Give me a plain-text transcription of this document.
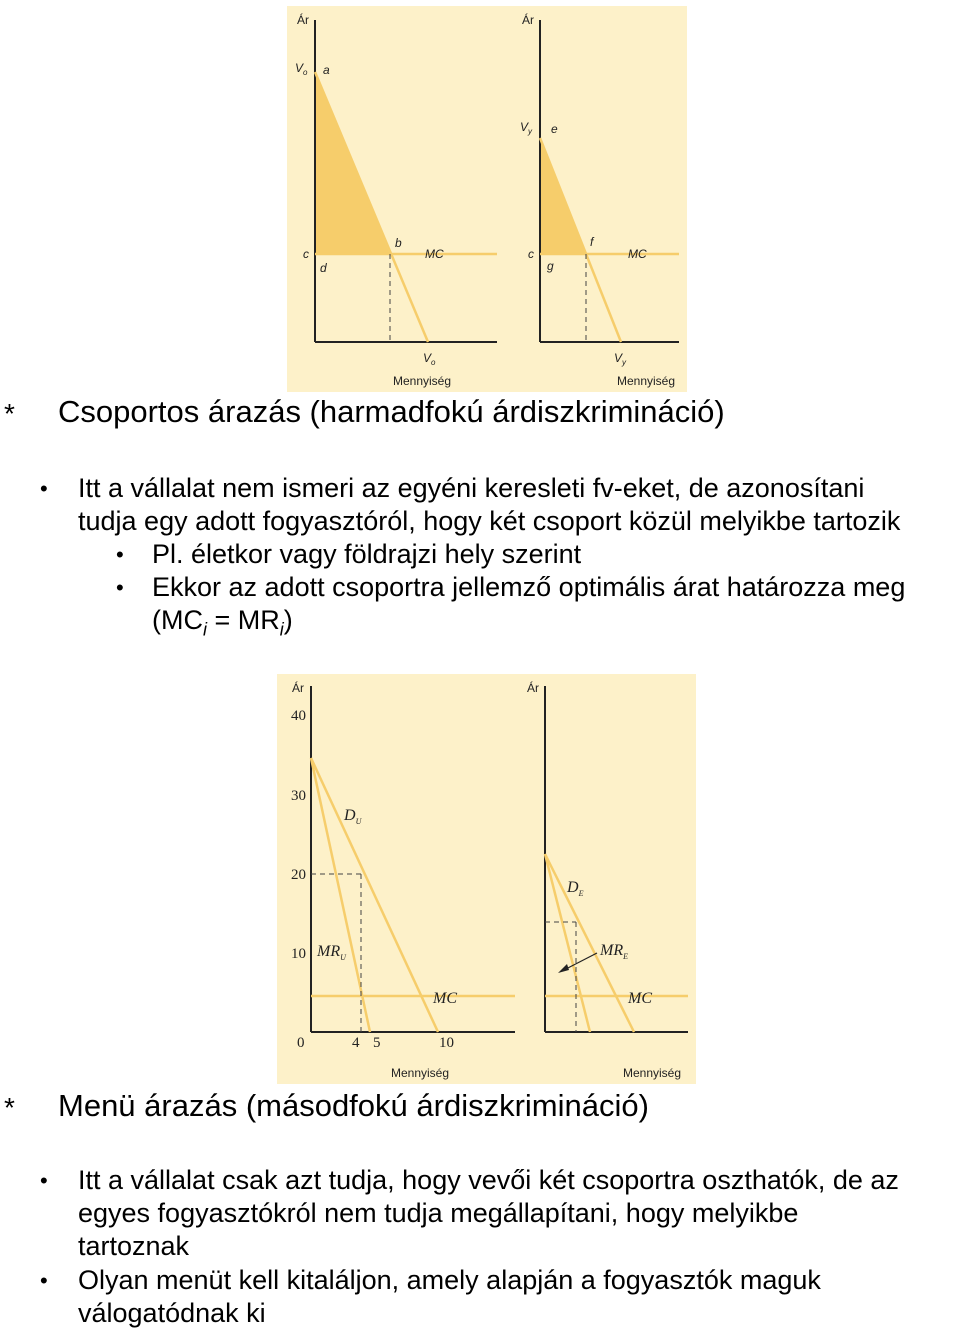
Ár
$V_o$ a
b
c
d
MC
$V_o$
Mennyiség
Ár
$V_y$ e
f
c
g
MC
$V_y$
Mennyiség
* Csoportos árazás (harmadfokú árdiszkrimináció)
• Itt a vállalat nem ismeri az egyéni keresleti fv-eket, de azonosítani
tudja egy adott fogyasztóról, hogy két csoport közül melyikbe tartozik
• Pl. életkor vagy földrajzi hely szerint
• Ekkor az adott csoportra jellemző optimális árat határozza meg
$(MC_i = MR_i)$
Ár
40
30
20
10
0	4 5	10
$D_U$
$MR_U$
MC
Mennyiség
Ár
$D_E$
$MR_E$
MC
Mennyiség
* Menü árazás (másodfokú árdiszkrimináció)
• Itt a vállalat csak azt tudja, hogy vevői két csoportra oszthatók, de az
egyes fogyasztókról nem tudja megállapítani, hogy melyikbe
tartoznak
• Olyan menüt kell kitaláljon, amely alapján a fogyasztók maguk
válogatódnak ki
